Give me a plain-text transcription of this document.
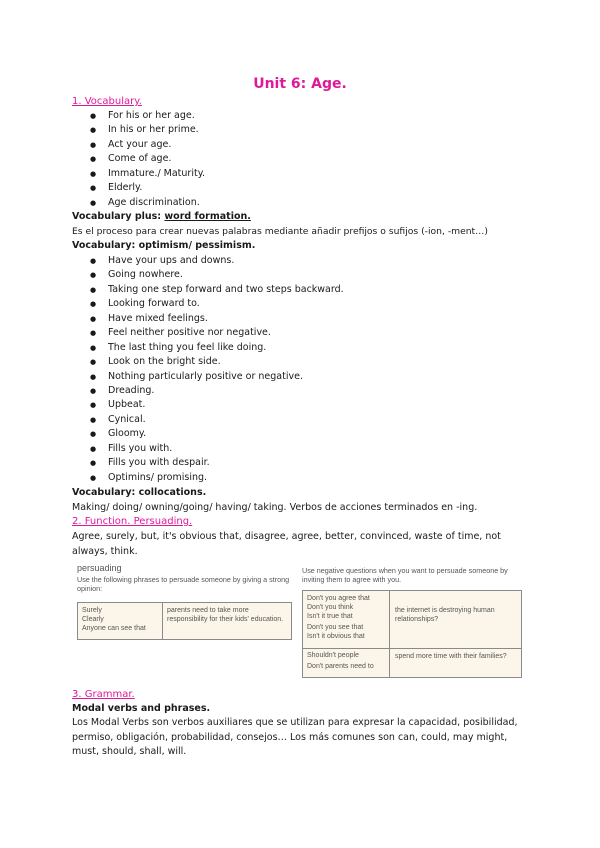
Unit 6: Age.
1. Vocabulary.
● For his or her age.
● In his or her prime.
● Act your age.
● Come of age.
● Immature./ Maturity.
● Elderly.
● Age discrimination.
Vocabulary plus: word formation.
Es el proceso para crear nuevas palabras mediante añadir prefijos o sufijos (-ion, -ment…)
Vocabulary: optimism/ pessimism.
● Have your ups and downs.
● Going nowhere.
● Taking one step forward and two steps backward.
● Looking forward to.
● Have mixed feelings.
● Feel neither positive nor negative.
● The last thing you feel like doing.
● Look on the bright side.
● Nothing particularly positive or negative.
● Dreading.
● Upbeat.
● Cynical.
● Gloomy.
● Fills you with.
● Fills you with despair.
● Optimins/ promising.
Vocabulary: collocations.
Making/ doing/ owning/going/ having/ taking. Verbos de acciones terminados en -ing.
2. Function. Persuading.
Agree, surely, but, it's obvious that, disagree, agree, better, convinced, waste of time, not always, think.
persuading
Use the following phrases to persuade someone by giving a strong opinion:
Surely
Clearly
Anyone can see that
parents need to take more responsibility for their kids' education.
Use negative questions when you want to persuade someone by inviting them to agree with you.
Don't you agree that
Don't you think
Isn't it true that
Don't you see that
Isn't it obvious that
the internet is destroying human relationships?
Shouldn't people
Don't parents need to
spend more time with their families?
3. Grammar.
Modal verbs and phrases.
Los Modal Verbs son verbos auxiliares que se utilizan para expresar la capacidad, posibilidad, permiso, obligación, probabilidad, consejos… Los más comunes son can, could, may might, must, should, shall, will.
